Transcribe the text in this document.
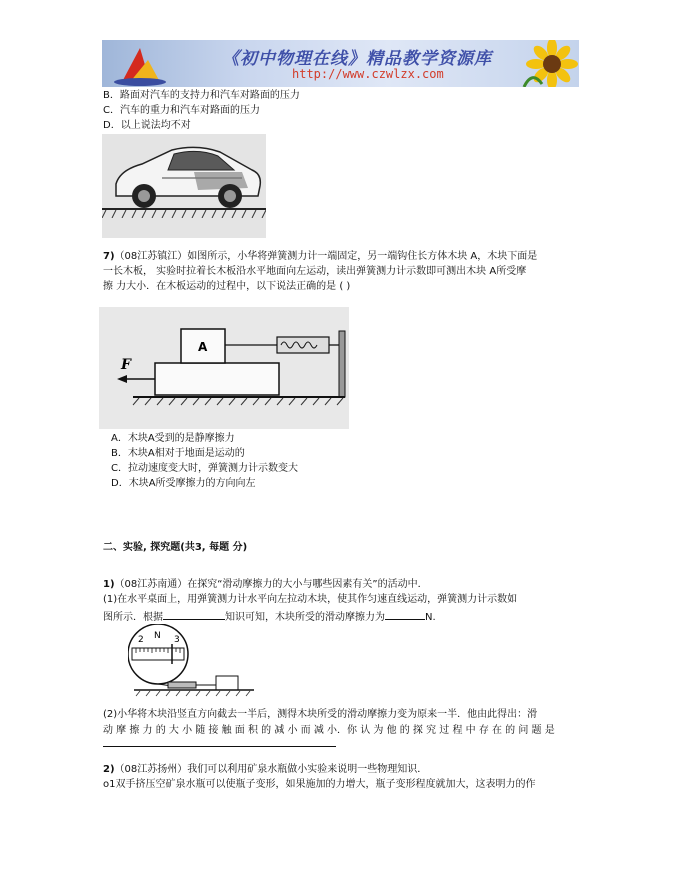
《初中物理在线》精品教学资源库
http://www.czwlzx.com
B．路面对汽车的支持力和汽车对路面的压力
C．汽车的重力和汽车对路面的压力
D．以上说法均不对
7)（08江苏镇江）如图所示，小华将弹簧测力计一端固定，另一端钩住长方体木块 A，木块下面是
一长木板， 实验时拉着长木板沿水平地面向左运动，读出弹簧测力计示数即可测出木块 A所受摩
擦 力大小．在木板运动的过程中，以下说法正确的是 ( )
A
F
A．木块A受到的是静摩擦力
B．木块A相对于地面是运动的
C．拉动速度变大时，弹簧测力计示数变大
D．木块A所受摩擦力的方向向左
二、实验, 探究题(共3, 每题 分)
1)（08江苏南通）在探究“滑动摩擦力的大小与哪些因素有关”的活动中．
(1)在水平桌面上，用弹簧测力计水平向左拉动木块，使其作匀速直线运动，弹簧测力计示数如
图所示．根据	知识可知，木块所受的滑动摩擦力为	N.
2 N 3
(2)小华将木块沿竖直方向截去一半后，测得木块所受的滑动摩擦力变为原来一半．他由此得出：滑
动 摩 擦 力 的 大 小 随 接 触 面 积 的 减 小 而 减 小．你 认 为 他 的 探 究 过 程 中 存 在 的 问 题 是
2)（08江苏扬州）我们可以利用矿泉水瓶做小实验来说明一些物理知识．
o1双手挤压空矿泉水瓶可以使瓶子变形，如果施加的力增大，瓶子变形程度就加大，这表明力的作
